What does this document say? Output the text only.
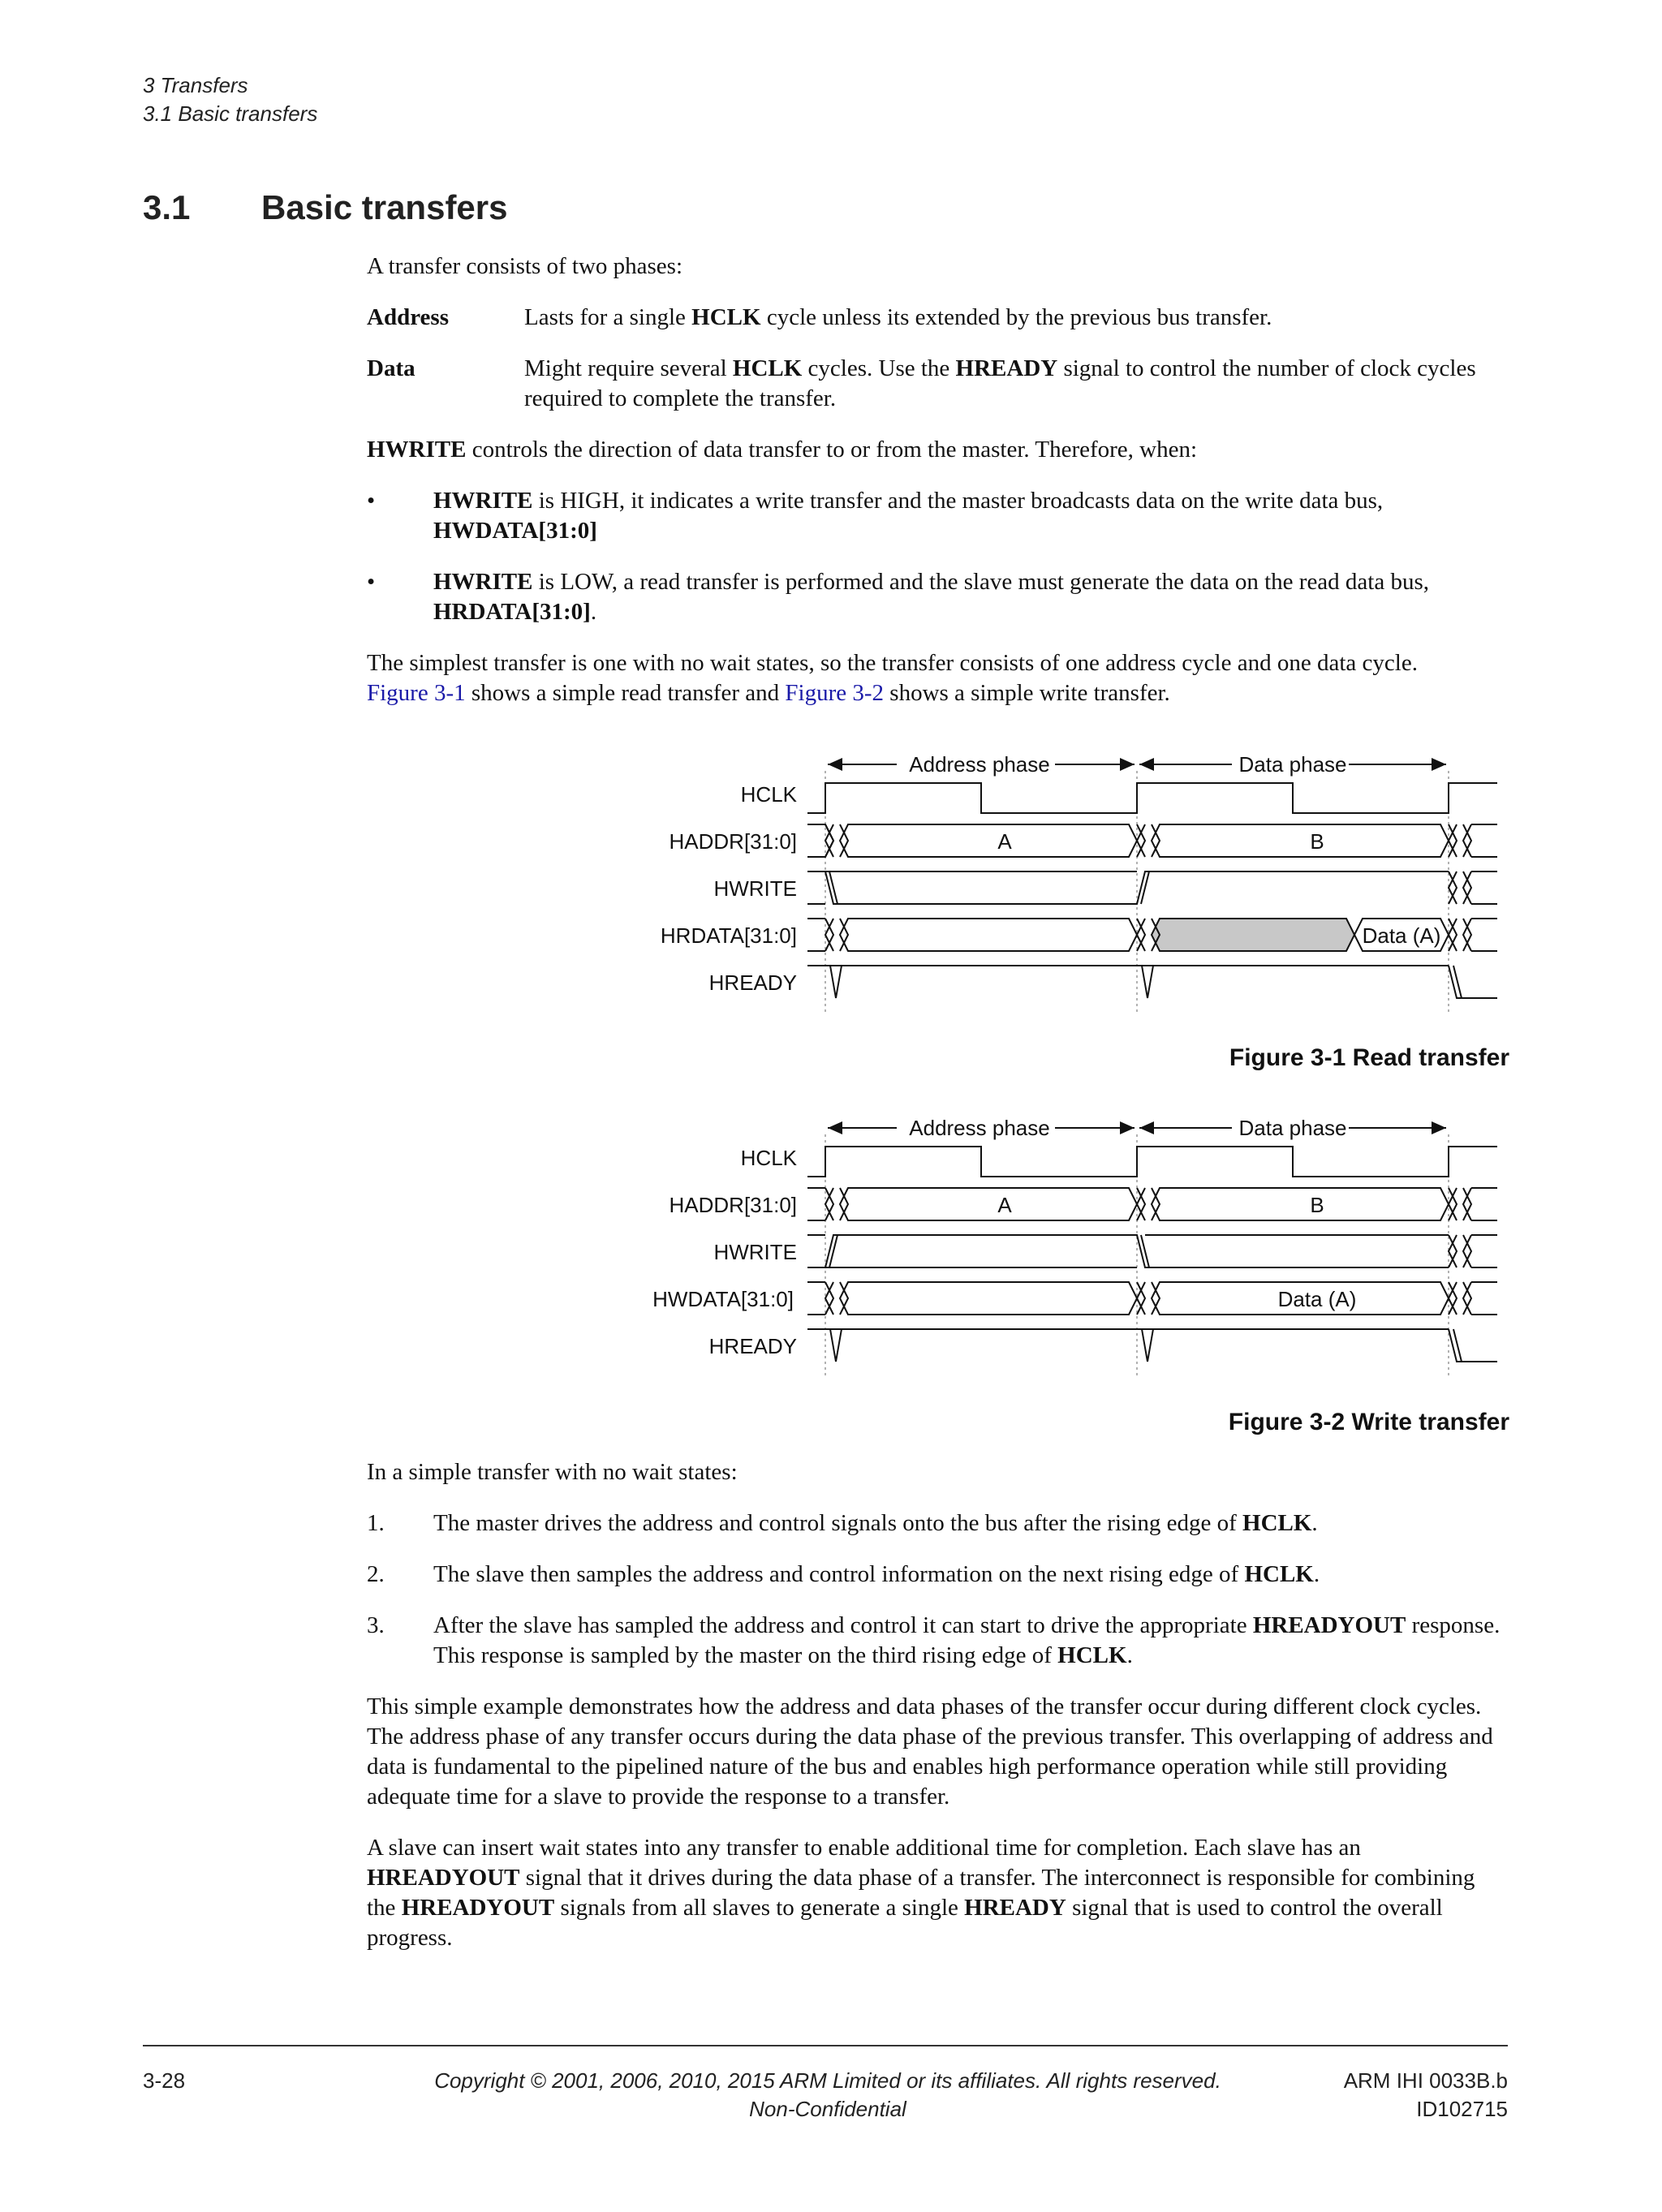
3 Transfers
3.1 Basic transfers
3.1 Basic transfers

A transfer consists of two phases:

Address	Lasts for a single HCLK cycle unless its extended by the previous bus transfer.
Data	Might require several HCLK cycles. Use the HREADY signal to control the number of clock cycles required to complete the transfer.

HWRITE controls the direction of data transfer to or from the master. Therefore, when:

•	HWRITE is HIGH, it indicates a write transfer and the master broadcasts data on the write data bus, HWDATA[31:0]
•	HWRITE is LOW, a read transfer is performed and the slave must generate the data on the read data bus, HRDATA[31:0].

The simplest transfer is one with no wait states, so the transfer consists of one address cycle and one data cycle.
Figure 3-1 shows a simple read transfer and Figure 3-2 shows a simple write transfer.

Address phase	Data phase
HCLK
HADDR[31:0]
HWRITE
HRDATA[31:0]
HREADY
A	B
Data (A)
Figure 3-1 Read transfer
Address phase	Data phase
HCLK
HADDR[31:0]
HWRITE
HWDATA[31:0]
HREADY
A	B
Data (A)
Figure 3-2 Write transfer

In a simple transfer with no wait states:

1.	The master drives the address and control signals onto the bus after the rising edge of HCLK.
2.	The slave then samples the address and control information on the next rising edge of HCLK.
3.	After the slave has sampled the address and control it can start to drive the appropriate HREADYOUT response. This response is sampled by the master on the third rising edge of HCLK.

This simple example demonstrates how the address and data phases of the transfer occur during different clock cycles. The address phase of any transfer occurs during the data phase of the previous transfer. This overlapping of address and data is fundamental to the pipelined nature of the bus and enables high performance operation while still providing adequate time for a slave to provide the response to a transfer.

A slave can insert wait states into any transfer to enable additional time for completion. Each slave has an HREADYOUT signal that it drives during the data phase of a transfer. The interconnect is responsible for combining the HREADYOUT signals from all slaves to generate a single HREADY signal that is used to control the overall progress.

3-28	Copyright © 2001, 2006, 2010, 2015 ARM Limited or its affiliates. All rights reserved.
Non-Confidential
ARM IHI 0033B.b
ID102715
